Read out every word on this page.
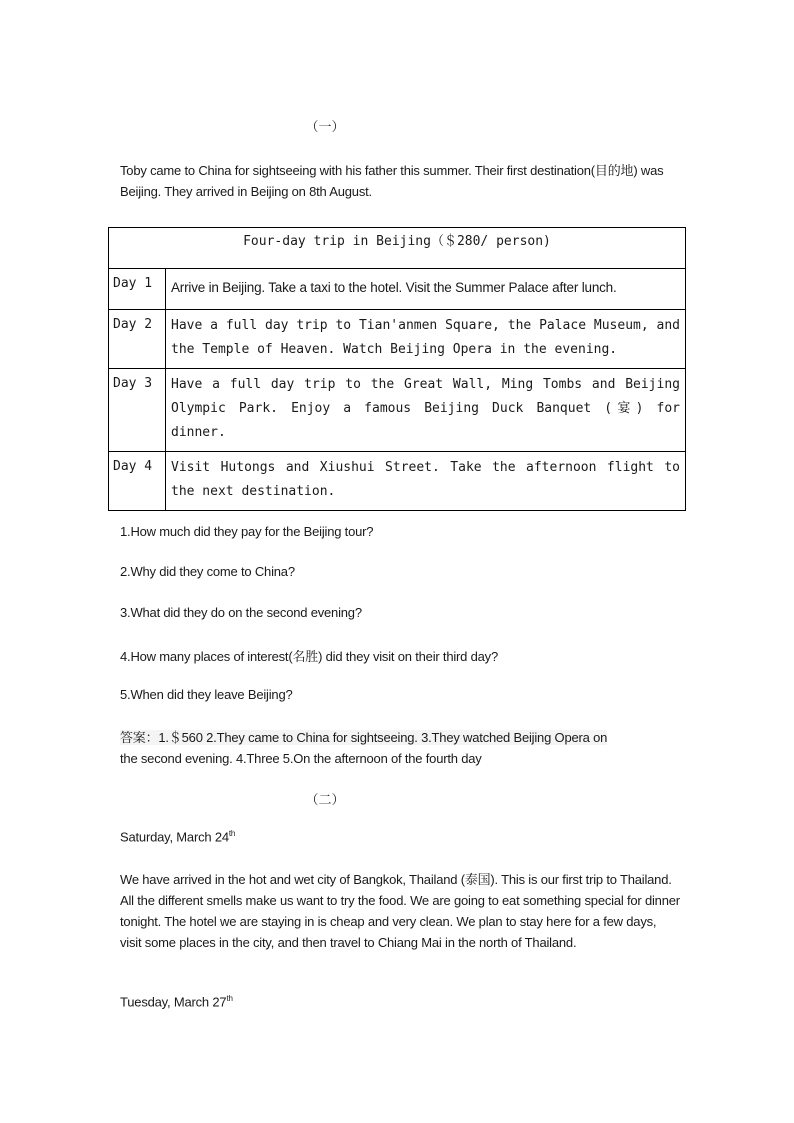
（一）
Toby came to China for sightseeing with his father this summer. Their first destination(目的地) was Beijing. They arrived in Beijing on 8th August.
Four-day trip in Beijing（＄280/ person)	
Day 1	Arrive in Beijing. Take a taxi to the hotel. Visit the Summer Palace after lunch.
Day 2	Have a full day trip to Tian'anmen Square, the Palace Museum, and the Temple of Heaven. Watch Beijing Opera in the evening.
Day 3	Have a full day trip to the Great Wall, Ming Tombs and Beijing Olympic Park. Enjoy a famous Beijing Duck Banquet (宴) for dinner.
Day 4	Visit Hutongs and Xiushui Street. Take the afternoon flight to the next destination.
1.How much did they pay for the Beijing tour?
2.Why did they come to China?
3.What did they do on the second evening?
4.How many places of interest(名胜) did they visit on their third day?
5.When did they leave Beijing?
答案：1.＄560 2.They came to China for sightseeing. 3.They watched Beijing Opera on
the second evening. 4.Three 5.On the afternoon of the fourth day
（二）
Saturday, March 24th
We have arrived in the hot and wet city of Bangkok, Thailand (泰国). This is our first trip to Thailand. All the different smells make us want to try the food. We are going to eat something special for dinner tonight. The hotel we are staying in is cheap and very clean. We plan to stay here for a few days, visit some places in the city, and then travel to Chiang Mai in the north of Thailand.
Tuesday, March 27th
